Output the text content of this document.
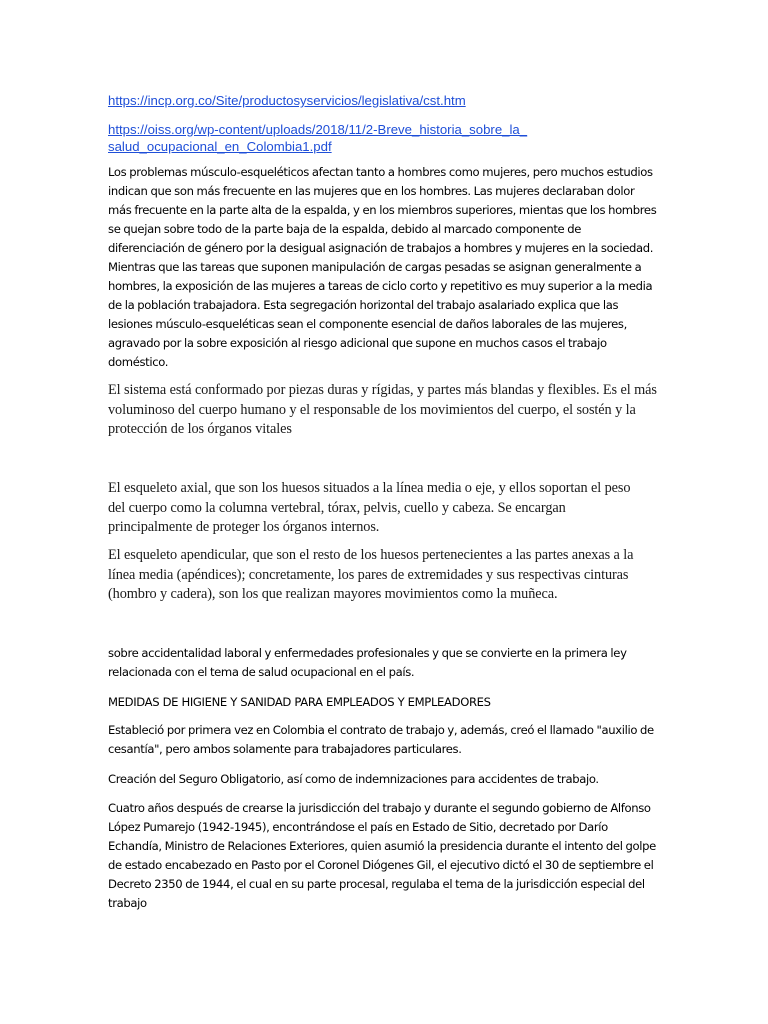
https://incp.org.co/Site/productosyservicios/legislativa/cst.htm
https://oiss.org/wp-content/uploads/2018/11/2-Breve_historia_sobre_la_salud_ocupacional_en_Colombia1.pdf

Los problemas músculo-esqueléticos afectan tanto a hombres como mujeres, pero muchos estudios indican que son más frecuente en las mujeres que en los hombres. Las mujeres declaraban dolor más frecuente en la parte alta de la espalda, y en los miembros superiores, mientas que los hombres se quejan sobre todo de la parte baja de la espalda, debido al marcado componente de diferenciación de género por la desigual asignación de trabajos a hombres y mujeres en la sociedad. Mientras que las tareas que suponen manipulación de cargas pesadas se asignan generalmente a hombres, la exposición de las mujeres a tareas de ciclo corto y repetitivo es muy superior a la media de la población trabajadora. Esta segregación horizontal del trabajo asalariado explica que las lesiones músculo-esqueléticas sean el componente esencial de daños laborales de las mujeres, agravado por la sobre exposición al riesgo adicional que supone en muchos casos el trabajo doméstico.

El sistema está conformado por piezas duras y rígidas, y partes más blandas y flexibles. Es el más voluminoso del cuerpo humano y el responsable de los movimientos del cuerpo, el sostén y la protección de los órganos vitales

El esqueleto axial, que son los huesos situados a la línea media o eje, y ellos soportan el peso del cuerpo como la columna vertebral, tórax, pelvis, cuello y cabeza. Se encargan principalmente de proteger los órganos internos.

El esqueleto apendicular, que son el resto de los huesos pertenecientes a las partes anexas a la línea media (apéndices); concretamente, los pares de extremidades y sus respectivas cinturas (hombro y cadera), son los que realizan mayores movimientos como la muñeca.

sobre accidentalidad laboral y enfermedades profesionales y que se convierte en la primera ley relacionada con el tema de salud ocupacional en el país.

MEDIDAS DE HIGIENE Y SANIDAD PARA EMPLEADOS Y EMPLEADORES

Estableció por primera vez en Colombia el contrato de trabajo y, además, creó el llamado "auxilio de cesantía", pero ambos solamente para trabajadores particulares.

Creación del Seguro Obligatorio, así como de indemnizaciones para accidentes de trabajo.

Cuatro años después de crearse la jurisdicción del trabajo y durante el segundo gobierno de Alfonso López Pumarejo (1942-1945), encontrándose el país en Estado de Sitio, decretado por Darío Echandía, Ministro de Relaciones Exteriores, quien asumió la presidencia durante el intento del golpe de estado encabezado en Pasto por el Coronel Diógenes Gil, el ejecutivo dictó el 30 de septiembre el Decreto 2350 de 1944, el cual en su parte procesal, regulaba el tema de la jurisdicción especial del trabajo
